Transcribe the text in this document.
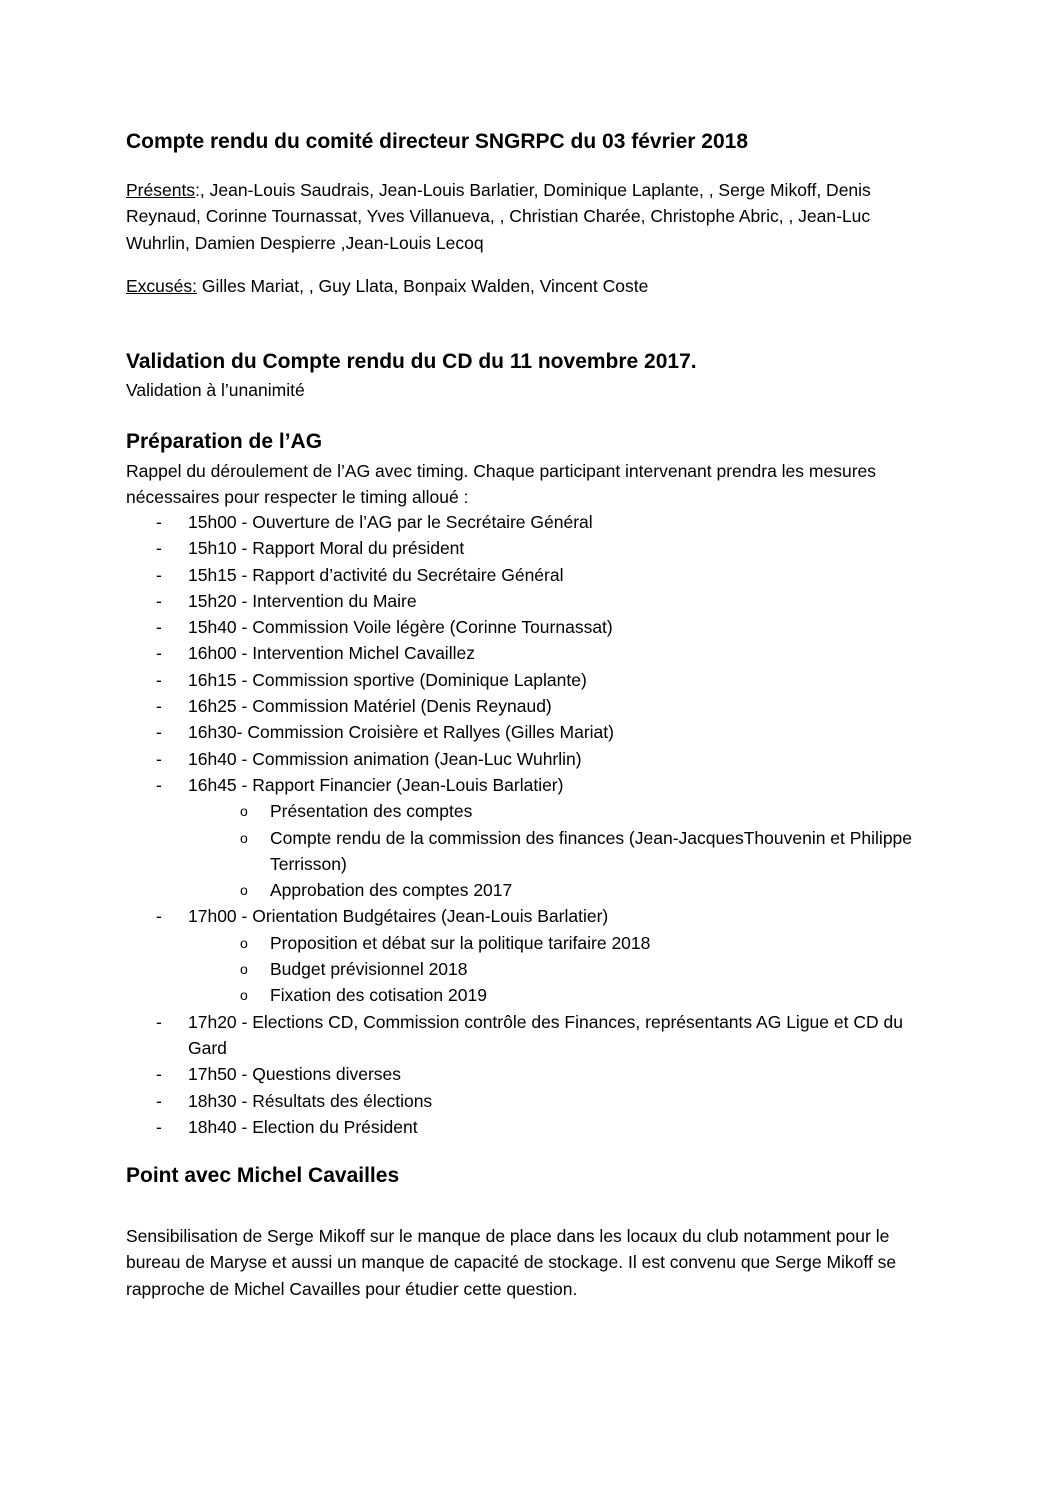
Compte rendu du comité directeur SNGRPC du 03 février 2018
Présents:, Jean-Louis Saudrais, Jean-Louis Barlatier, Dominique Laplante, , Serge Mikoff, Denis Reynaud, Corinne Tournassat, Yves Villanueva, , Christian Charée, Christophe Abric, , Jean-Luc Wuhrlin, Damien Despierre ,Jean-Louis Lecoq
Excusés: Gilles Mariat, , Guy Llata, Bonpaix Walden, Vincent Coste
Validation du Compte rendu du CD du 11 novembre 2017.
Validation à l’unanimité
Préparation de l’AG
Rappel du déroulement de l’AG avec timing. Chaque participant intervenant prendra les mesures nécessaires pour respecter le timing alloué :
-	15h00 - Ouverture de l’AG par le Secrétaire Général
-	15h10 - Rapport Moral du président
-	15h15 - Rapport d’activité du Secrétaire Général
-	15h20 - Intervention du Maire
-	15h40 - Commission Voile légère (Corinne Tournassat)
-	16h00 - Intervention Michel Cavaillez
-	16h15 - Commission sportive (Dominique Laplante)
-	16h25 - Commission Matériel (Denis Reynaud)
-	16h30- Commission Croisière et Rallyes (Gilles Mariat)
-	16h40 - Commission animation (Jean-Luc Wuhrlin)
-	16h45 - Rapport Financier (Jean-Louis Barlatier)
o	Présentation des comptes
o	Compte rendu de la commission des finances (Jean-JacquesThouvenin et Philippe Terrisson)
o	Approbation des comptes 2017
-	17h00 - Orientation Budgétaires (Jean-Louis Barlatier)
o	Proposition et débat sur la politique tarifaire 2018
o	Budget prévisionnel 2018
o	Fixation des cotisation 2019
-	17h20 - Elections CD, Commission contrôle des Finances, représentants AG Ligue et CD du Gard
-	17h50 - Questions diverses
-	18h30 - Résultats des élections
-	18h40 - Election du Président
Point avec Michel Cavailles
Sensibilisation de Serge Mikoff sur le manque de place dans les locaux du club notamment pour le bureau de Maryse et aussi un manque de capacité de stockage. Il est convenu que Serge Mikoff se rapproche de Michel Cavailles pour étudier cette question.
